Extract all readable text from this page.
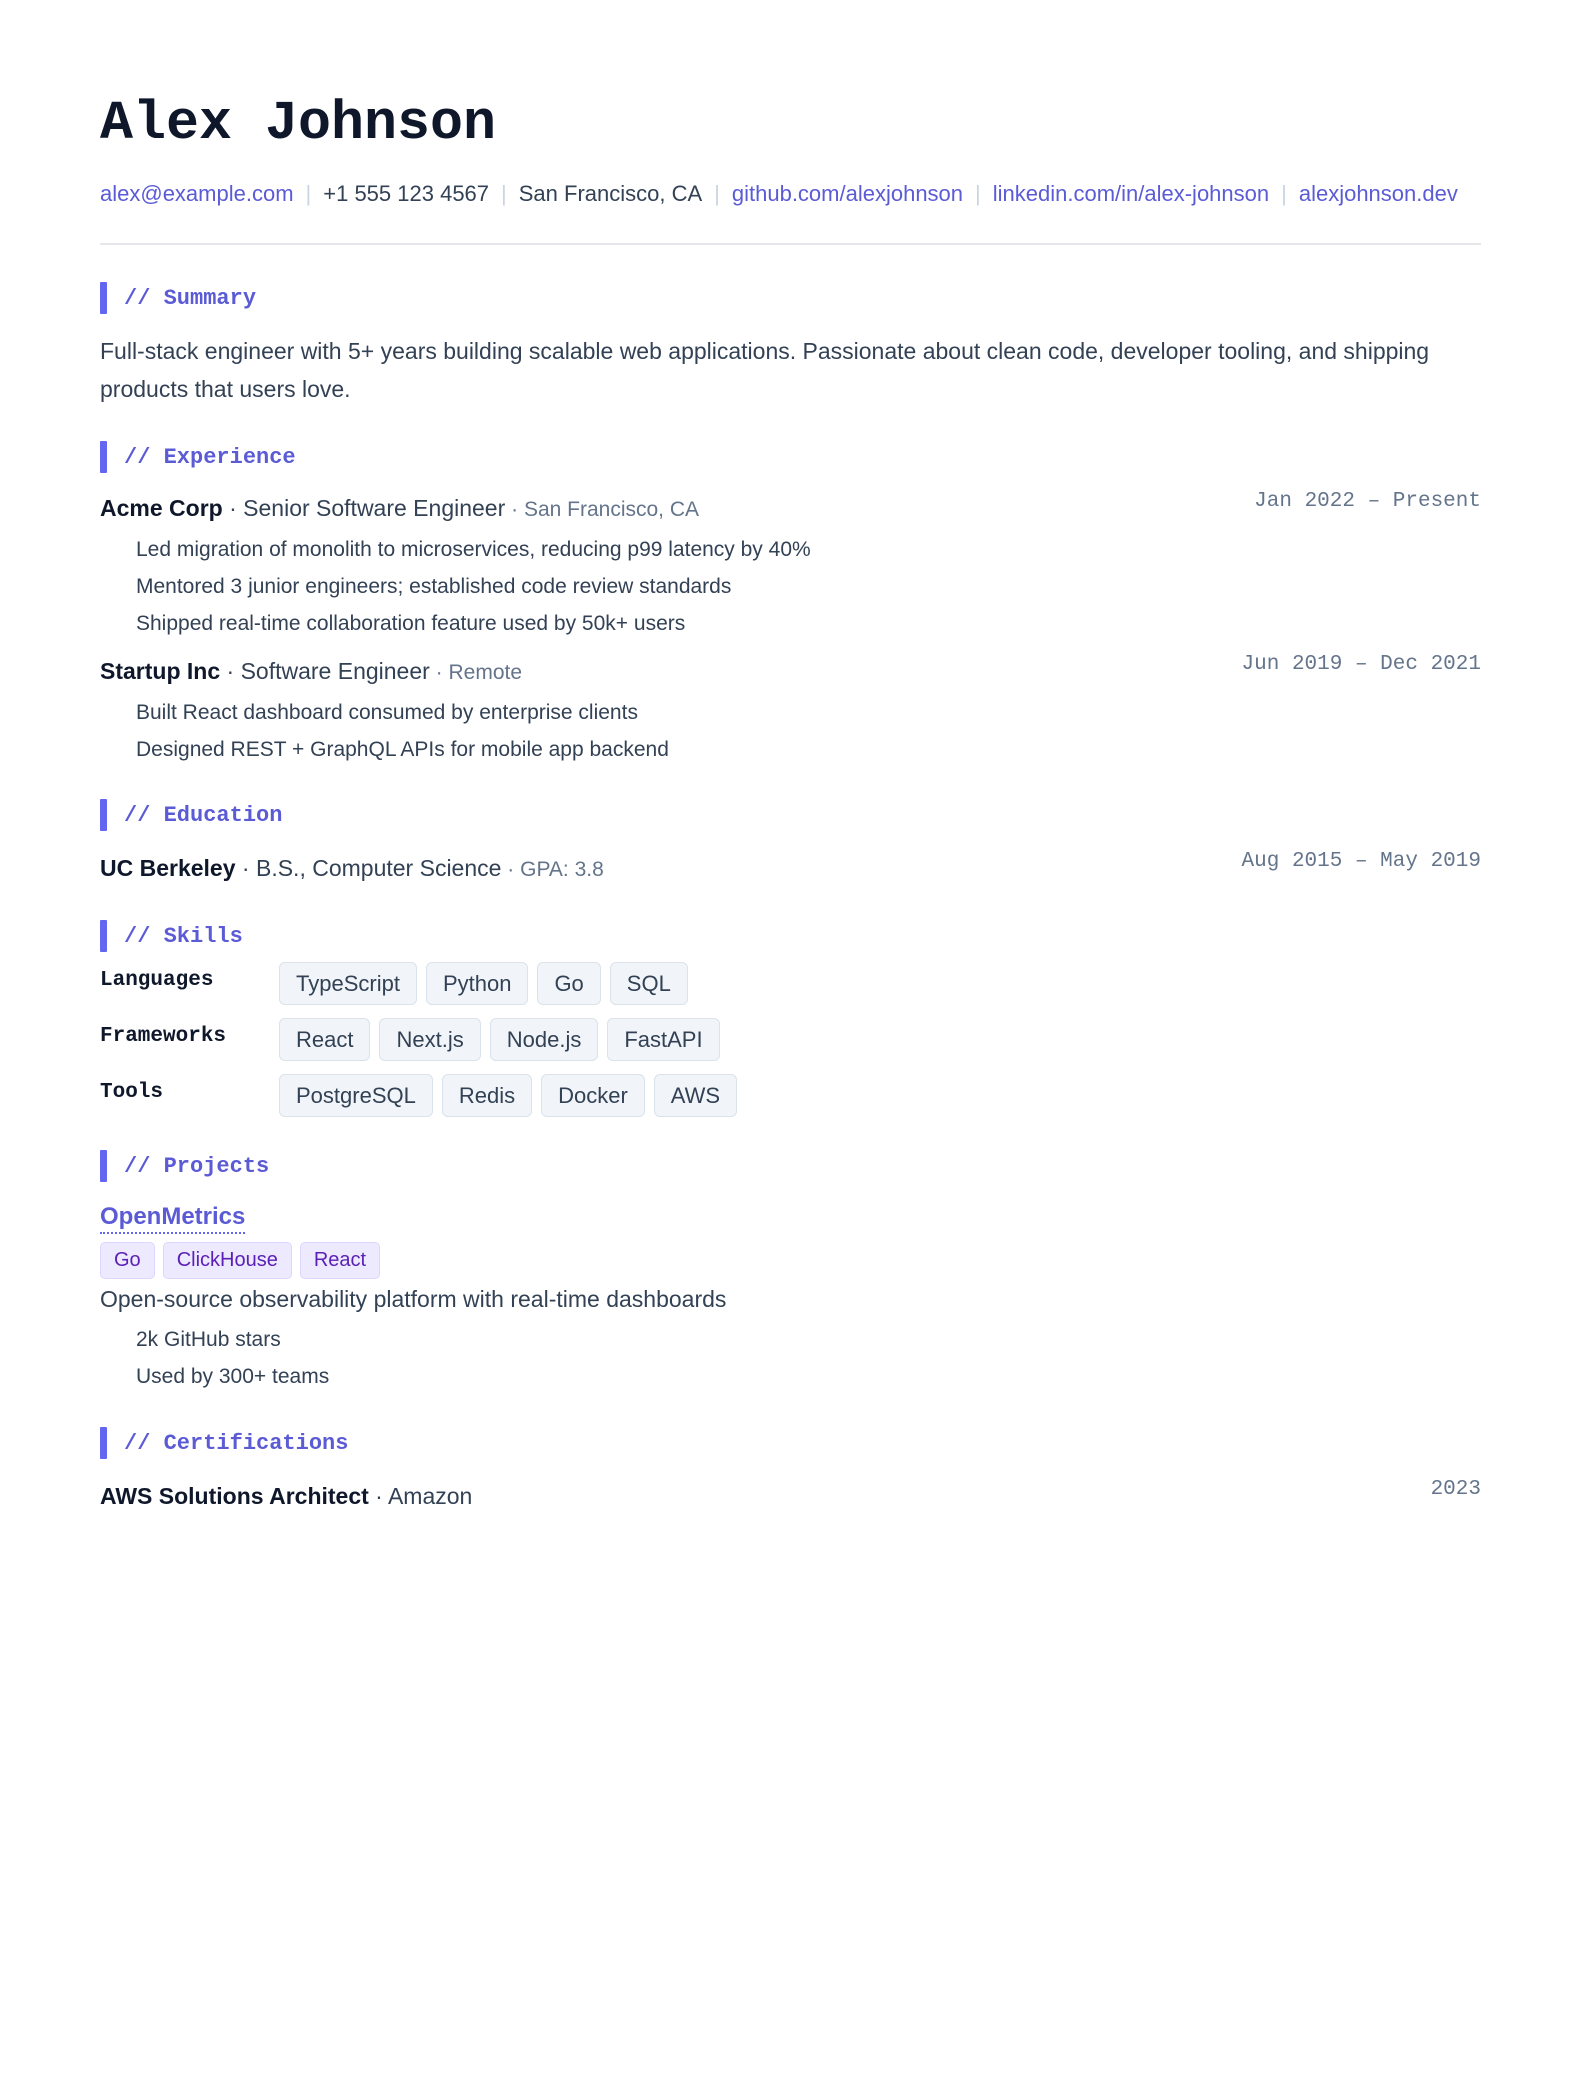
Alex Johnson
alex@example.com | +1 555 123 4567 | San Francisco, CA | github.com/alexjohnson | linkedin.com/in/alex-johnson | alexjohnson.dev
// Summary
Full-stack engineer with 5+ years building scalable web applications. Passionate about clean code, developer tooling, and shipping products that users love.
// Experience
Acme Corp · Senior Software Engineer · San Francisco, CA	Jan 2022 – Present
Led migration of monolith to microservices, reducing p99 latency by 40%
Mentored 3 junior engineers; established code review standards
Shipped real-time collaboration feature used by 50k+ users
Startup Inc · Software Engineer · Remote	Jun 2019 – Dec 2021
Built React dashboard consumed by enterprise clients
Designed REST + GraphQL APIs for mobile app backend
// Education
UC Berkeley · B.S., Computer Science · GPA: 3.8	Aug 2015 – May 2019
// Skills
Languages	TypeScript Python Go SQL
Frameworks	React Next.js Node.js FastAPI
Tools	PostgreSQL Redis Docker AWS
// Projects
OpenMetrics
Go ClickHouse React
Open-source observability platform with real-time dashboards
2k GitHub stars
Used by 300+ teams
// Certifications
AWS Solutions Architect · Amazon	2023
